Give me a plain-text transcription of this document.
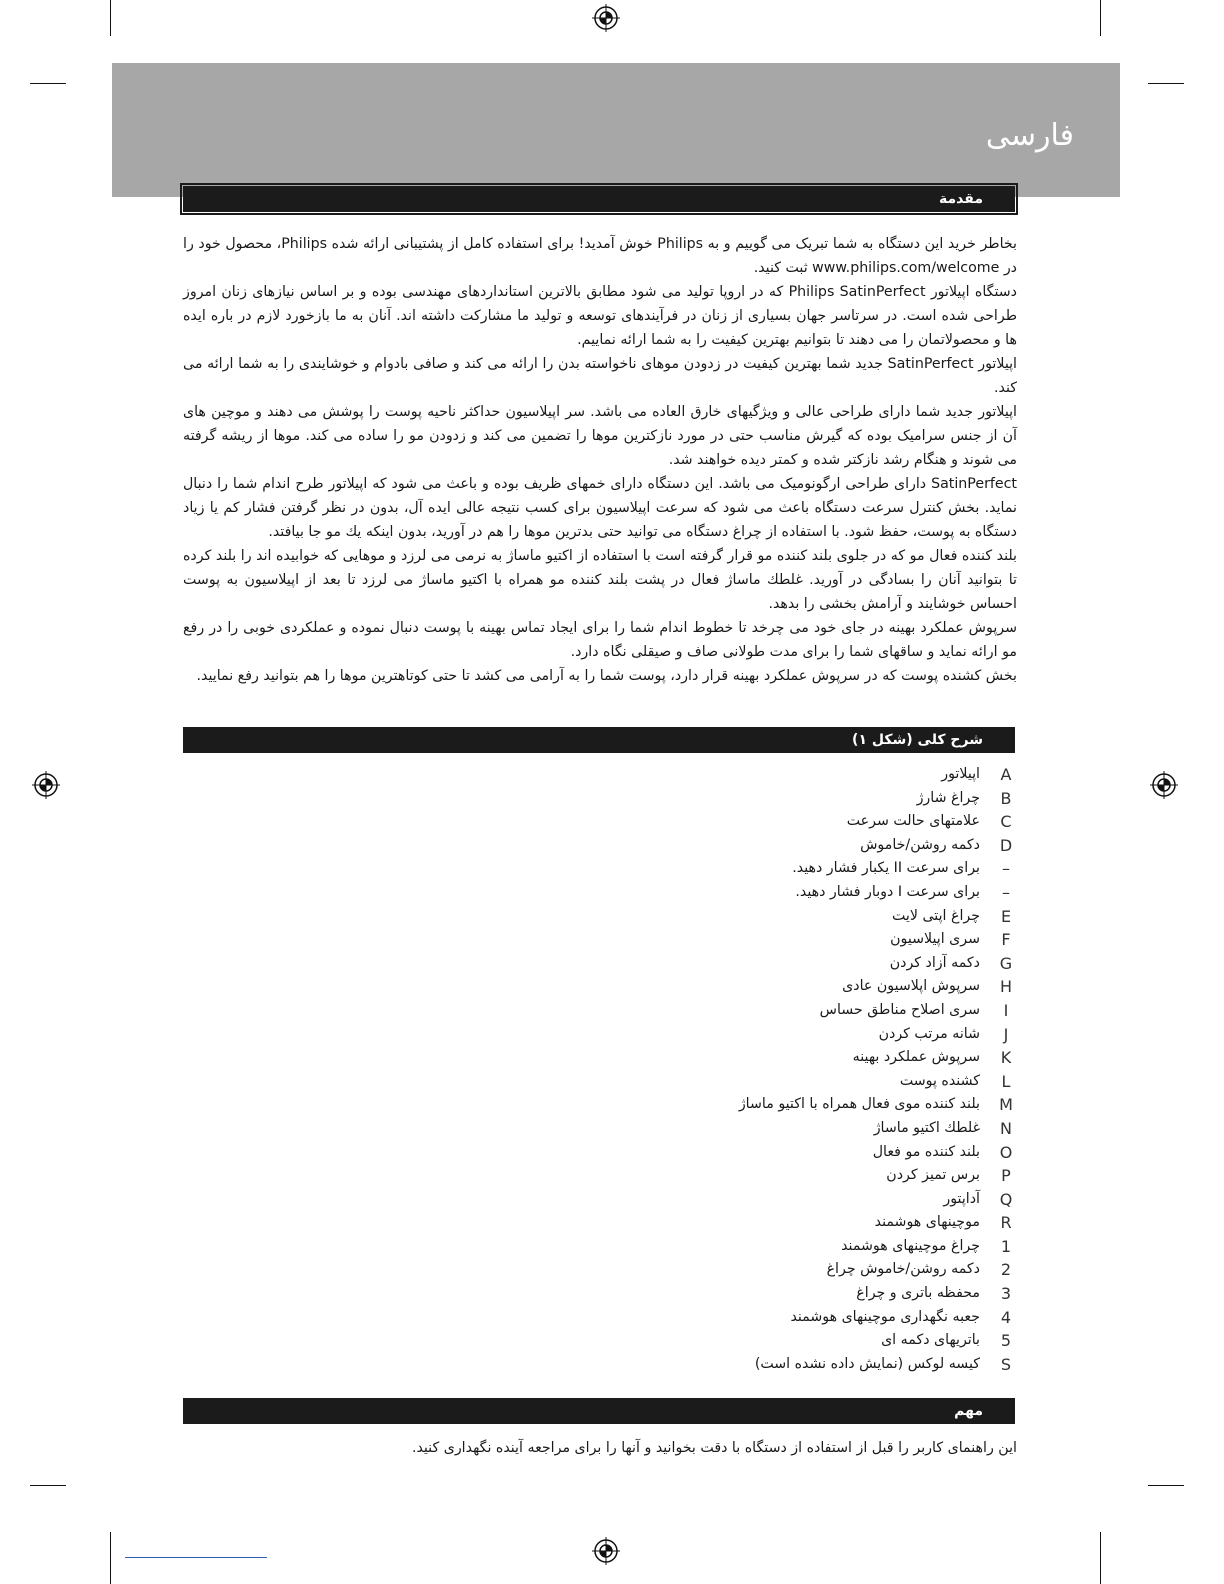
فارسی
مقدمة

بخاطر خرید این دستگاه به شما تبریک می گوییم و به Philips خوش آمدید! برای استفاده کامل از پشتیبانی ارائه شده Philips، محصول خود را در www.philips.com/welcome ثبت کنید.

دستگاه اپیلاتور Philips SatinPerfect که در اروپا تولید می شود مطابق بالاترین استانداردهای مهندسی بوده و بر اساس نیازهای زنان امروز طراحی شده است. در سرتاسر جهان بسیاری از زنان در فرآیندهای توسعه و تولید ما مشارکت داشته اند. آنان به ما بازخورد لازم در باره ایده ها و محصولاتمان را می دهند تا بتوانیم بهترین کیفیت را به شما ارائه نماییم.

اپیلاتور SatinPerfect جدید شما بهترین کیفیت در زدودن موهای ناخواسته بدن را ارائه می کند و صافی بادوام و خوشایندی را به شما ارائه می کند.

اپیلاتور جدید شما دارای طراحی عالی و ویژگیهای خارق العاده می باشد. سر اپیلاسیون حداکثر ناحیه پوست را پوشش می دهند و موچین های آن از جنس سرامیک بوده که گیرش مناسب حتی در مورد نازکترین موها را تضمین می کند و زدودن مو را ساده می کند. موها از ریشه گرفته می شوند و هنگام رشد نازکتر شده و کمتر دیده خواهند شد.

SatinPerfect دارای طراحی ارگونومیک می باشد. این دستگاه دارای خمهای ظریف بوده و باعث می شود که اپیلاتور طرح اندام شما را دنبال نماید. بخش کنترل سرعت دستگاه باعث می شود که سرعت اپیلاسیون برای کسب نتیجه عالی ایده آل، بدون در نظر گرفتن فشار کم یا زیاد دستگاه به پوست، حفظ شود. با استفاده از چراغ دستگاه می توانید حتی بدترین موها را هم در آورید، بدون اینکه یك مو جا بیافتد.

بلند کننده فعال مو که در جلوی بلند کننده مو قرار گرفته است با استفاده از اکتیو ماساژ به نرمی می لرزد و موهایی که خوابیده اند را بلند کرده تا بتوانید آنان را بسادگی در آورید. غلطك ماساژ فعال در پشت بلند کننده مو همراه با اکتیو ماساژ می لرزد تا بعد از اپیلاسیون به پوست احساس خوشایند و آرامش بخشی را بدهد.

سرپوش عملکرد بهینه در جای خود می چرخد تا خطوط اندام شما را برای ایجاد تماس بهینه با پوست دنبال نموده و عملکردی خوبی را در رفع مو ارائه نماید و ساقهای شما را برای مدت طولانی صاف و صیقلی نگاه دارد.

بخش کشنده پوست که در سرپوش عملکرد بهینه قرار دارد، پوست شما را به آرامی می کشد تا حتی کوتاهترین موها را هم بتوانید رفع نمایید.

شرح کلی (شکل ۱)
A
اپیلاتور
B
چراغ شارژ
C
علامتهای حالت سرعت
D
دکمه روشن/خاموش
–
برای سرعت II یکبار فشار دهید.
–
برای سرعت I دوبار فشار دهید.
E
چراغ اپتی لایت
F
سری اپیلاسیون
G
دکمه آزاد کردن
H
سرپوش اپلاسیون عادی
I
سری اصلاح مناطق حساس
J
شانه مرتب کردن
K
سرپوش عملکرد بهینه
L
کشنده پوست
M
بلند کننده موی فعال همراه با اکتیو ماساژ
N
غلطك اکتیو ماساژ
O
بلند کننده مو فعال
P
برس تمیز کردن
Q
آداپتور
R
موچینهای هوشمند
1
چراغ موچینهای هوشمند
2
دکمه روشن/خاموش چراغ
3
محفظه باتری و چراغ
4
جعبه نگهداری موچینهای هوشمند
5
باتریهای دکمه ای
S
کیسه لوکس (نمایش داده نشده است)
مهم
این راهنمای کاربر را قبل از استفاده از دستگاه با دقت بخوانید و آنها را برای مراجعه آینده نگهداری کنید.
